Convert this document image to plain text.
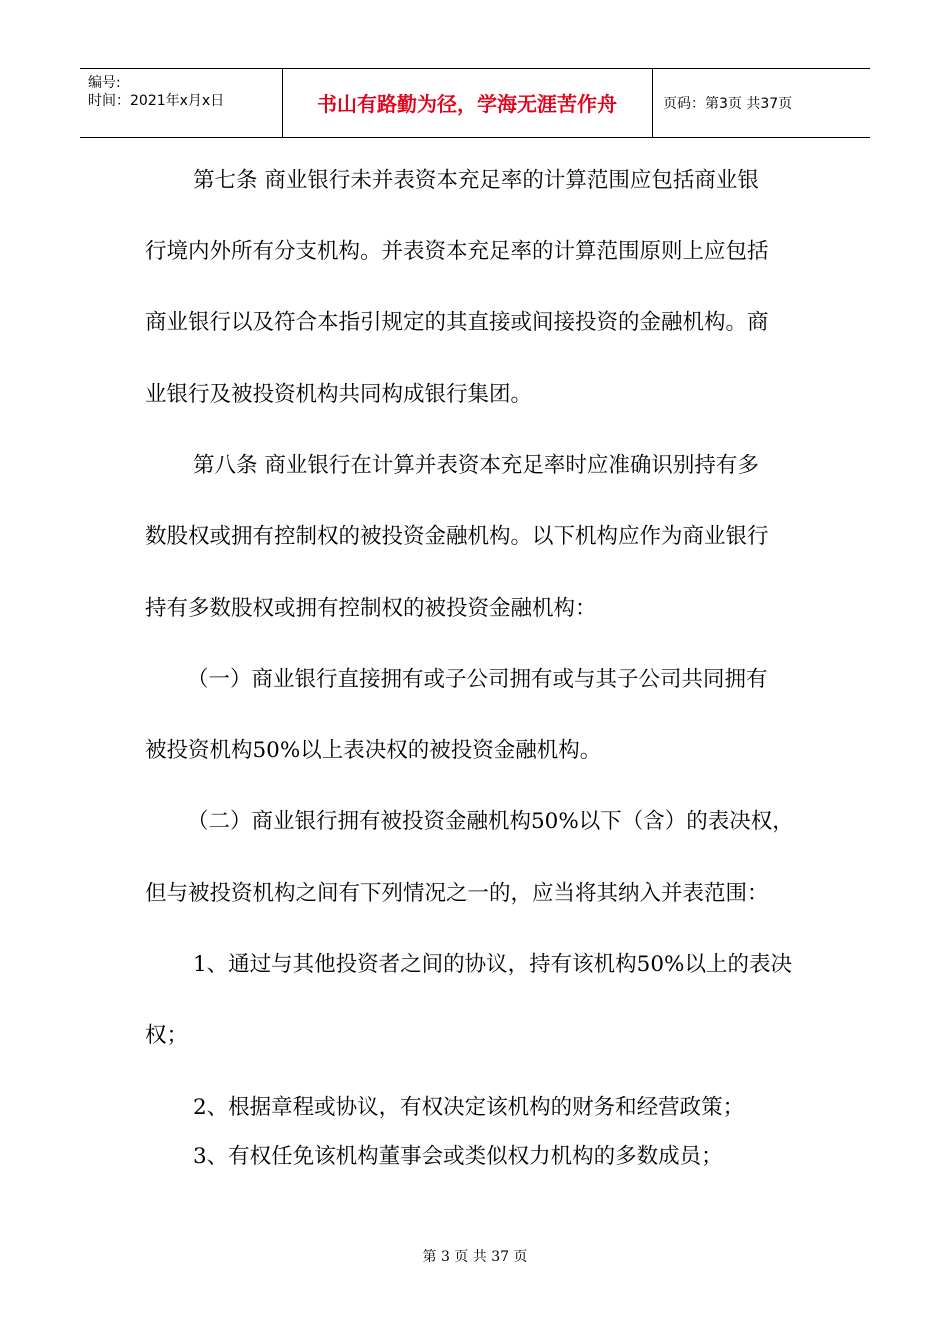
编号:
时间：2021年x月x日	书山有路勤为径，学海无涯苦作舟	页码：第3页 共37页
第七条 商业银行未并表资本充足率的计算范围应包括商业银
行境内外所有分支机构。并表资本充足率的计算范围原则上应包括
商业银行以及符合本指引规定的其直接或间接投资的金融机构。商
业银行及被投资机构共同构成银行集团。
第八条 商业银行在计算并表资本充足率时应准确识别持有多
数股权或拥有控制权的被投资金融机构。以下机构应作为商业银行
持有多数股权或拥有控制权的被投资金融机构：
（一）商业银行直接拥有或子公司拥有或与其子公司共同拥有
被投资机构50%以上表决权的被投资金融机构。
（二）商业银行拥有被投资金融机构50%以下（含）的表决权，
但与被投资机构之间有下列情况之一的，应当将其纳入并表范围：
1、通过与其他投资者之间的协议，持有该机构50%以上的表决
权；
2、根据章程或协议，有权决定该机构的财务和经营政策；
3、有权任免该机构董事会或类似权力机构的多数成员；
第 3 页 共 37 页
